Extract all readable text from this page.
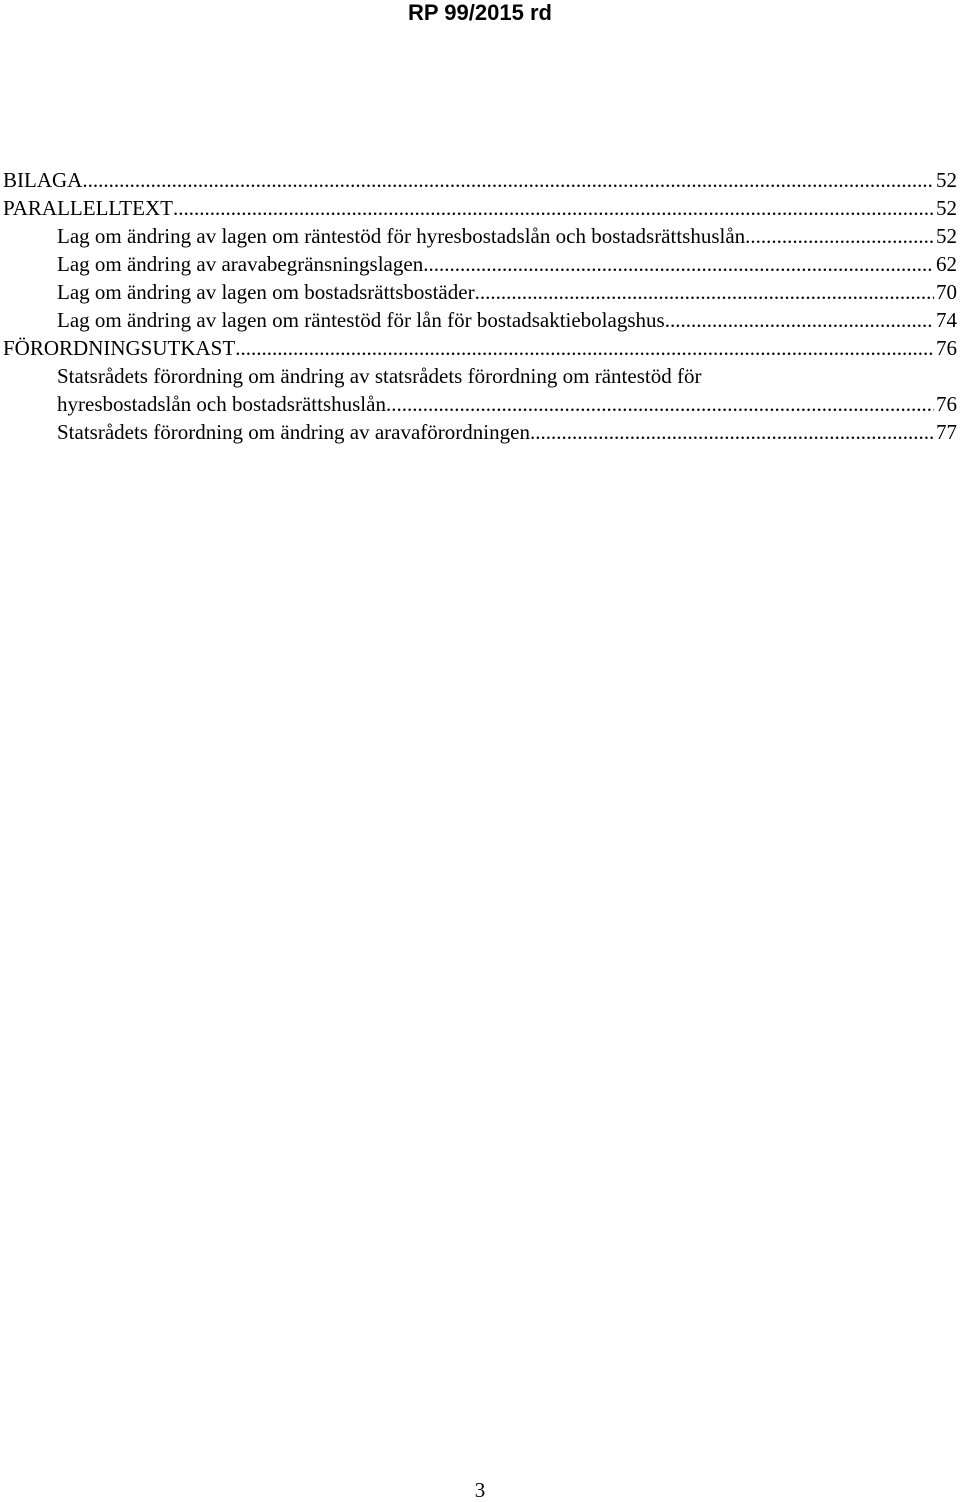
RP 99/2015 rd
BILAGA .....	52
PARALLELLTEXT .....	52
Lag om ändring av lagen om räntestöd för hyresbostadslån och bostadsrättshuslån .....	52
Lag om ändring av aravabegränsningslagen .....	62
Lag om ändring av lagen om bostadsrättsbostäder .....	70
Lag om ändring av lagen om räntestöd för lån för bostadsaktiebolagshus .....	74
FÖRORDNINGSUTKAST .....	76
Statsrådets förordning om ändring av statsrådets förordning om räntestöd för
hyresbostadslån och bostadsrättshuslån .....	76
Statsrådets förordning om ändring av aravaförordningen .....	77
3
